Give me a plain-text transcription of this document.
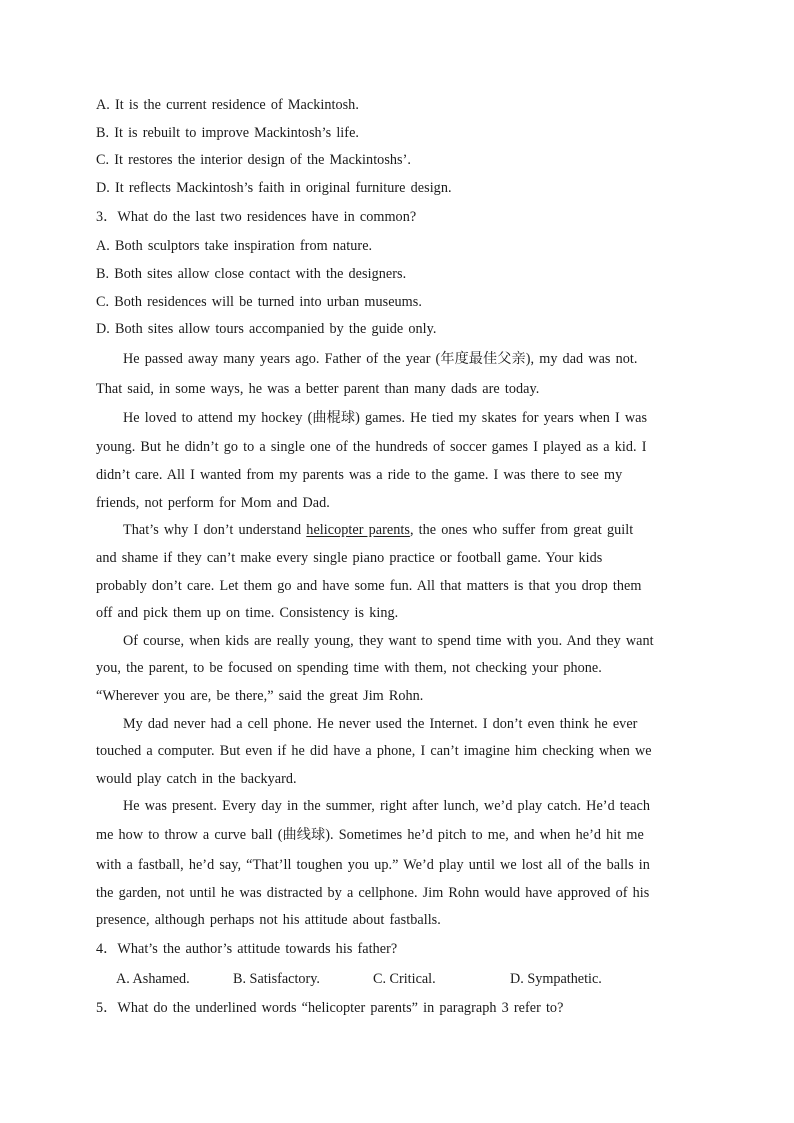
A. It is the current residence of Mackintosh.
B. It is rebuilt to improve Mackintosh’s life.
C. It restores the interior design of the Mackintoshs’.
D. It reflects Mackintosh’s faith in original furniture design.
3．What do the last two residences have in common?
A. Both sculptors take inspiration from nature.
B. Both sites allow close contact with the designers.
C. Both residences will be turned into urban museums.
D. Both sites allow tours accompanied by the guide only.
He passed away many years ago. Father of the year (年度最佳父亲), my dad was not.
That said, in some ways, he was a better parent than many dads are today.
He loved to attend my hockey (曲棍球) games. He tied my skates for years when I was
young. But he didn’t go to a single one of the hundreds of soccer games I played as a kid. I
didn’t care. All I wanted from my parents was a ride to the game. I was there to see my
friends, not perform for Mom and Dad.
That’s why I don’t understand helicopter parents, the ones who suffer from great guilt
and shame if they can’t make every single piano practice or football game. Your kids
probably don’t care. Let them go and have some fun. All that matters is that you drop them
off and pick them up on time. Consistency is king.
Of course, when kids are really young, they want to spend time with you. And they want
you, the parent, to be focused on spending time with them, not checking your phone.
“Wherever you are, be there,” said the great Jim Rohn.
My dad never had a cell phone. He never used the Internet. I don’t even think he ever
touched a computer. But even if he did have a phone, I can’t imagine him checking when we
would play catch in the backyard.
He was present. Every day in the summer, right after lunch, we’d play catch. He’d teach
me how to throw a curve ball (曲线球). Sometimes he’d pitch to me, and when he’d hit me
with a fastball, he’d say, “That’ll toughen you up.” We’d play until we lost all of the balls in
the garden, not until he was distracted by a cellphone. Jim Rohn would have approved of his
presence, although perhaps not his attitude about fastballs.
4．What’s the author’s attitude towards his father?
A. Ashamed.	B. Satisfactory.	C. Critical.	D. Sympathetic.
5．What do the underlined words “helicopter parents” in paragraph 3 refer to?
